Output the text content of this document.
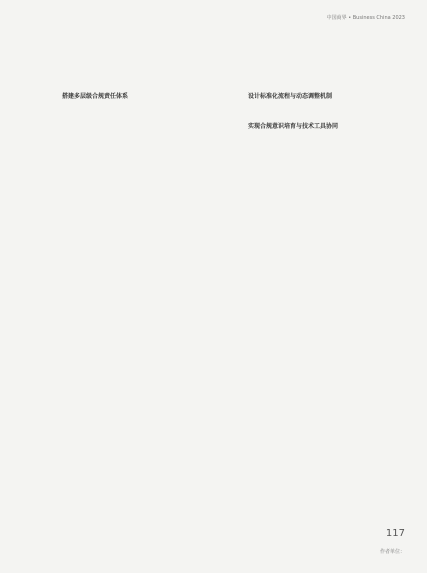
中国商界 • Business China 2023

搭建多层级合规责任体系	设计标准化流程与动态调整机制

实现合规意识培育与技术工具协同

117
作者单位：
